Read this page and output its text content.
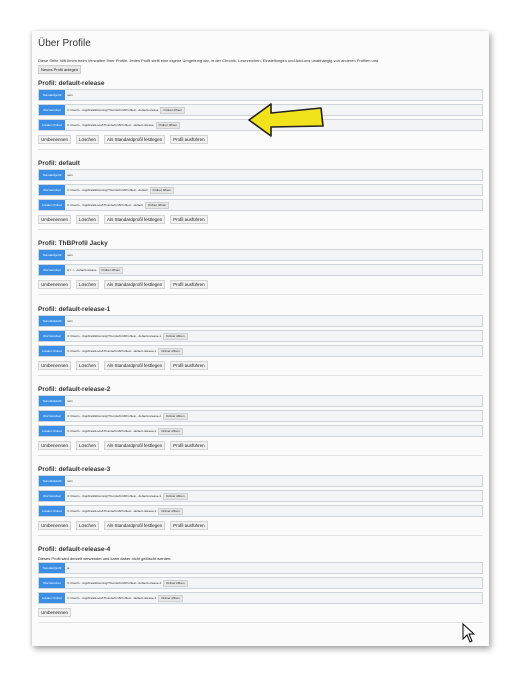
Über Profile
Diese Seite hilft Ihnen beim Verwalten Ihrer Profile. Jedes Profil stellt eine eigene Umgebung dar, in der Chronik, Lesezeichen, Einstellungen und Add-ons unabhängig von anderen Profilen und
Neues Profil anlegen
Profil: default-release
Standardprofil	nein
Wurzelordner	C:\Users\...\AppData\Roaming\Thunderbird\Profiles\...default-release	Ordner öffnen
Lokaler Ordner	C:\Users\...\AppData\Local\Thunderbird\Profiles\...default-release	Ordner öffnen
Umbenennen	Löschen	Als Standardprofil festlegen	Profil ausführen
Profil: default
Standardprofil	nein
Wurzelordner	C:\Users\...\AppData\Roaming\Thunderbird\Profiles\...default	Ordner öffnen
Lokaler Ordner	C:\Users\...\AppData\Local\Thunderbird\Profiles\...default	Ordner öffnen
Umbenennen	Löschen	Als Standardprofil festlegen	Profil ausführen
Profil: ThBProfil Jacky
Standardprofil	nein
Wurzelordner	H:\...\...default-release	Ordner öffnen
Umbenennen	Löschen	Als Standardprofil festlegen	Profil ausführen
Profil: default-release-1
Standardprofil	nein
Wurzelordner	C:\Users\...\AppData\Roaming\Thunderbird\Profiles\...default-release-1	Ordner öffnen
Lokaler Ordner	C:\Users\...\AppData\Local\Thunderbird\Profiles\...default-release-1	Ordner öffnen
Umbenennen	Löschen	Als Standardprofil festlegen	Profil ausführen
Profil: default-release-2
Standardprofil	nein
Wurzelordner	C:\Users\...\AppData\Roaming\Thunderbird\Profiles\...default-release-2	Ordner öffnen
Lokaler Ordner	C:\Users\...\AppData\Local\Thunderbird\Profiles\...default-release-2	Ordner öffnen
Umbenennen	Löschen	Als Standardprofil festlegen	Profil ausführen
Profil: default-release-3
Standardprofil	nein
Wurzelordner	C:\Users\...\AppData\Roaming\Thunderbird\Profiles\...default-release-3	Ordner öffnen
Lokaler Ordner	C:\Users\...\AppData\Local\Thunderbird\Profiles\...default-release-3	Ordner öffnen
Umbenennen	Löschen	Als Standardprofil festlegen	Profil ausführen
Profil: default-release-4
Dieses Profil wird derzeit verwendet und kann daher nicht gelöscht werden.
Standardprofil	ja
Wurzelordner	C:\Users\...\AppData\Roaming\Thunderbird\Profiles\...default-release-4	Ordner öffnen
Lokaler Ordner	C:\Users\...\AppData\Local\Thunderbird\Profiles\...default-release-4	Ordner öffnen
Umbenennen
